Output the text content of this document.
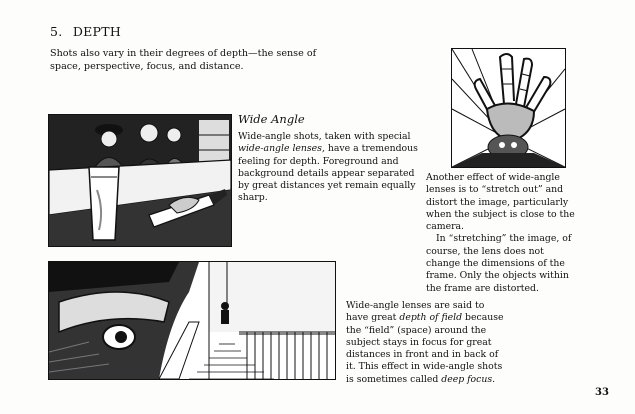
5. DEPTH
Shots also vary in their degrees of depth—the sense of space, perspective, focus, and distance.
Wide Angle
Wide-angle shots, taken with special wide-angle lenses, have a tremendous feeling for depth. Foreground and background details appear separated by great distances yet remain equally sharp.
Another effect of wide-angle lenses is to “stretch out” and distort the image, particularly when the subject is close to the camera.
In “stretching” the image, of course, the lens does not change the dimensions of the frame. Only the objects within the frame are distorted.
Wide-angle lenses are said to have great depth of field because the “field” (space) around the subject stays in focus for great distances in front and in back of it. This effect in wide-angle shots is sometimes called deep focus.
33
